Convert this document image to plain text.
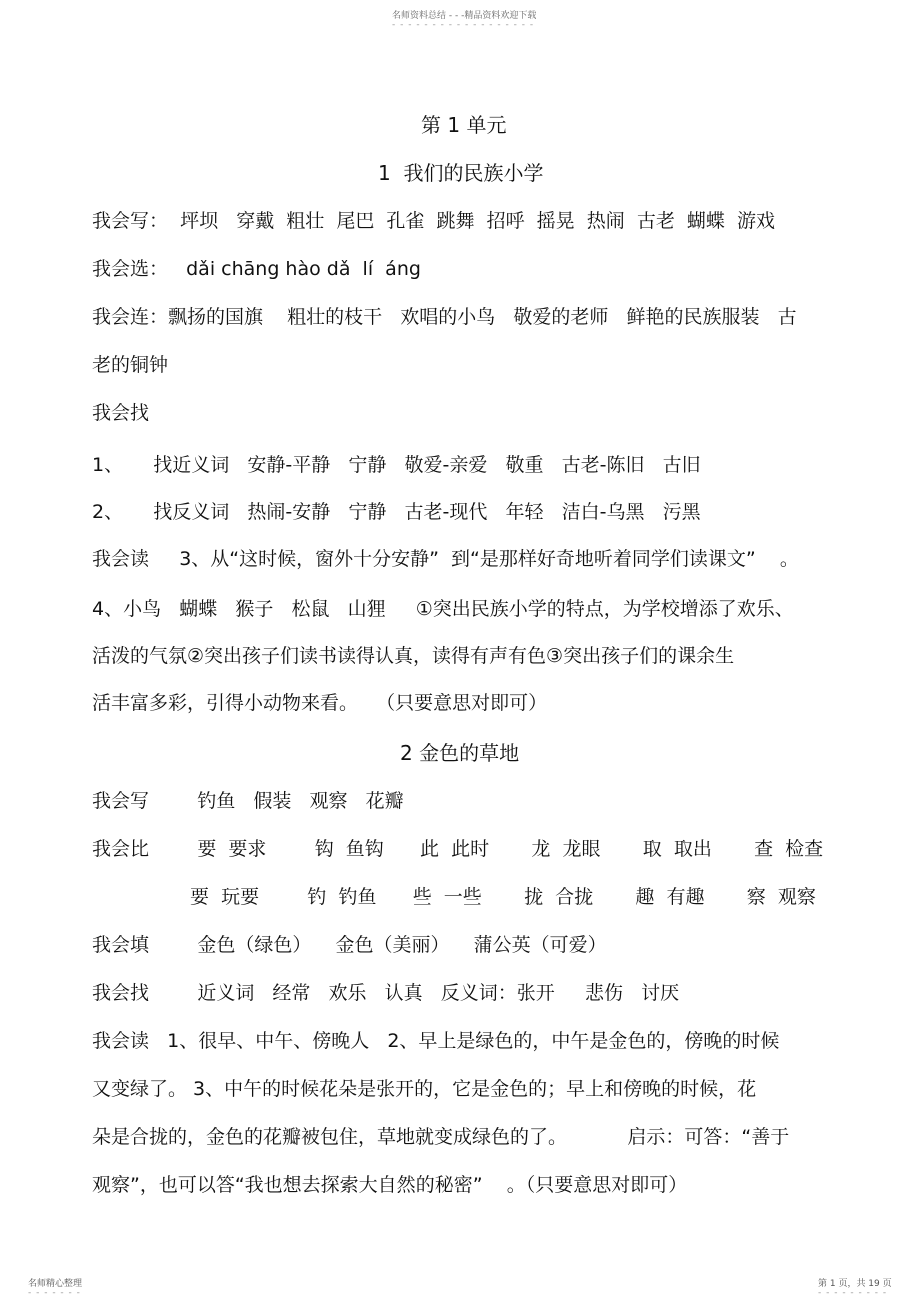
名师资料总结 - - -精品资料欢迎下载
- - - - - - - - - - - - - - - - - -
第 1 单元
1  我们的民族小学
我会写：  坪坝   穿戴  粗壮  尾巴  孔雀  跳舞  招呼  摇晃  热闹  古老  蝴蝶  游戏
我会选：   dǎi chāng hào dǎ  lí  áng
我会连：飘扬的国旗    粗壮的枝干   欢唱的小鸟   敬爱的老师   鲜艳的民族服装   古
老的铜钟
我会找
1、     找近义词   安静-平静   宁静   敬爱-亲爱   敬重   古老-陈旧   古旧
2、     找反义词   热闹-安静   宁静   古老-现代   年轻   洁白-乌黑   污黑
我会读     3、从“这时候，窗外十分安静”  到“是那样好奇地听着同学们读课文”    。
4、小鸟   蝴蝶   猴子   松鼠   山狸     ①突出民族小学的特点，为学校增添了欢乐、
活泼的气氛②突出孩子们读书读得认真，读得有声有色③突出孩子们的课余生
活丰富多彩，引得小动物来看。   （只要意思对即可）
2 金色的草地
我会写        钓鱼   假装   观察   花瓣
我会比        要  要求        钩  鱼钩      此  此时       龙  龙眼       取  取出       查  检查
要  玩要        钓  钓鱼      些  一些       拢  合拢       趣  有趣       察  观察
我会填        金色（绿色）    金色（美丽）    蒲公英（可爱）
我会找        近义词   经常   欢乐   认真   反义词：张开     悲伤   讨厌
我会读   1、很早、中午、傍晚人   2、早上是绿色的，中午是金色的，傍晚的时候
又变绿了。 3、中午的时候花朵是张开的，它是金色的；早上和傍晚的时候，花
朵是合拢的，金色的花瓣被包住，草地就变成绿色的了。          启示：可答：“善于
观察”，也可以答“我也想去探索大自然的秘密”    。（只要意思对即可）
名师精心整理
- - - - - - -
第 1 页，共 19 页
- - - - - - - - -
